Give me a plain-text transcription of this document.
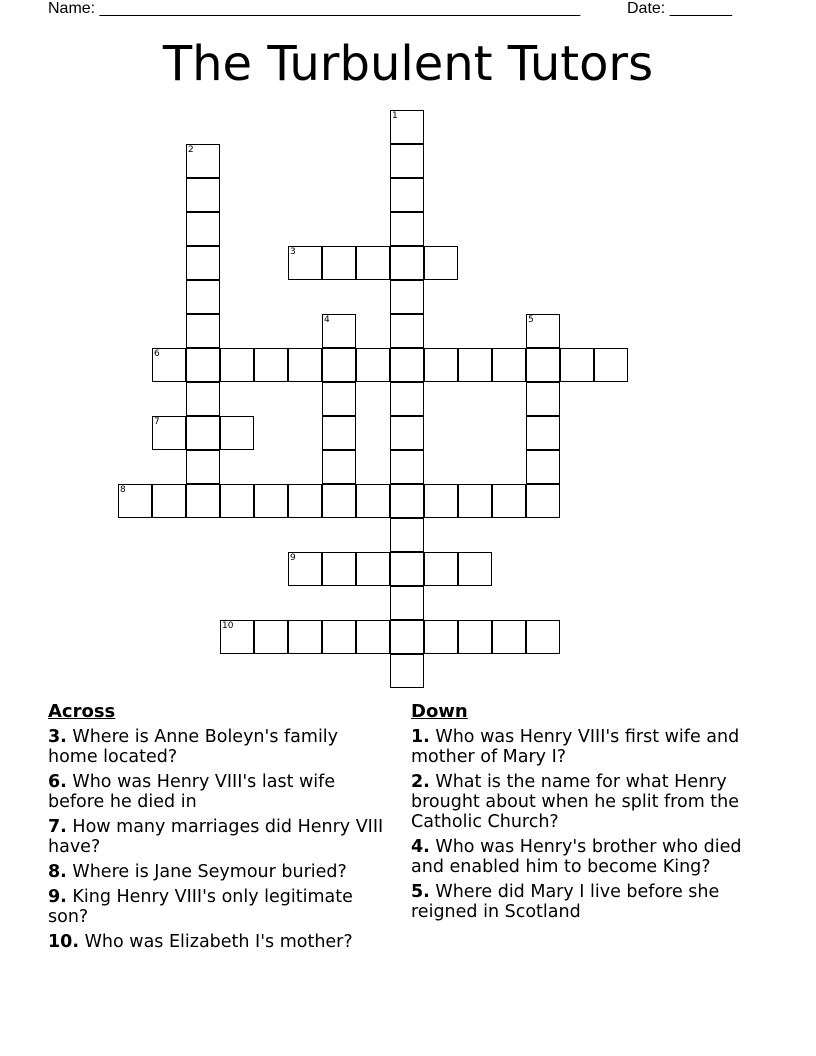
Name: ______________________________________________________	Date: _______
The Turbulent Tutors
1
2
3
4	5
6
7
8
9
10
Across
3. Where is Anne Boleyn's family home located?
6. Who was Henry VIII's last wife before he died in
7. How many marriages did Henry VIII have?
8. Where is Jane Seymour buried?
9. King Henry VIII's only legitimate son?
10. Who was Elizabeth I's mother?
Down
1. Who was Henry VIII's first wife and mother of Mary I?
2. What is the name for what Henry brought about when he split from the Catholic Church?
4. Who was Henry's brother who died and enabled him to become King?
5. Where did Mary I live before she reigned in Scotland
